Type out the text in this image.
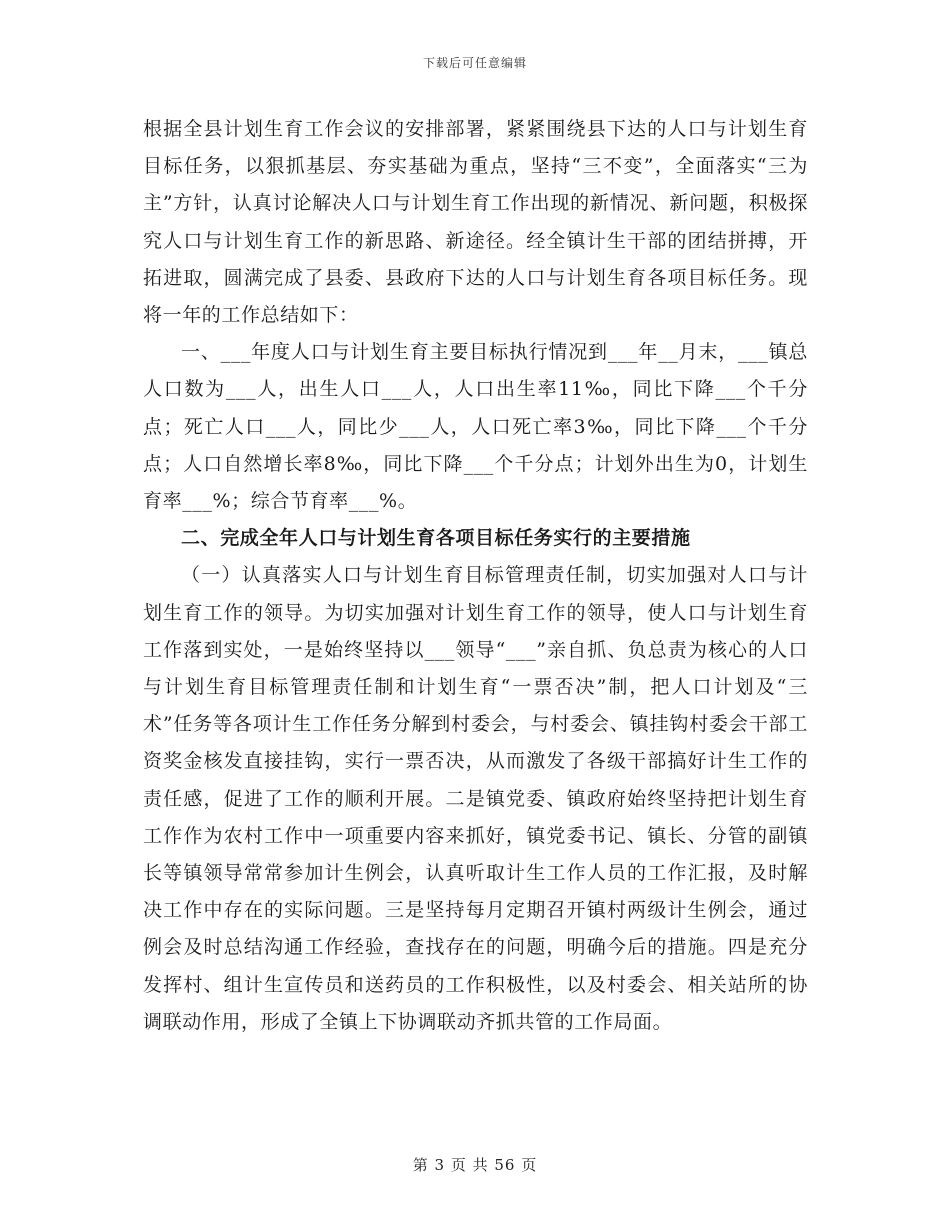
下载后可任意编辑

根据全县计划生育工作会议的安排部署，紧紧围绕县下达的人口与计划生育目标任务，以狠抓基层、夯实基础为重点，坚持“三不变”，全面落实“三为主”方针，认真讨论解决人口与计划生育工作出现的新情况、新问题，积极探究人口与计划生育工作的新思路、新途径。经全镇计生干部的团结拼搏，开拓进取，圆满完成了县委、县政府下达的人口与计划生育各项目标任务。现将一年的工作总结如下：

一、___年度人口与计划生育主要目标执行情况到___年__月末，___镇总人口数为___人，出生人口___人，人口出生率11‰，同比下降___个千分点；死亡人口___人，同比少___人，人口死亡率3‰，同比下降___个千分点；人口自然增长率8‰，同比下降___个千分点；计划外出生为0，计划生育率___%；综合节育率___%。

二、完成全年人口与计划生育各项目标任务实行的主要措施

（一）认真落实人口与计划生育目标管理责任制，切实加强对人口与计划生育工作的领导。为切实加强对计划生育工作的领导，使人口与计划生育工作落到实处，一是始终坚持以___领导“___”亲自抓、负总责为核心的人口与计划生育目标管理责任制和计划生育“一票否决”制，把人口计划及“三术”任务等各项计生工作任务分解到村委会，与村委会、镇挂钩村委会干部工资奖金核发直接挂钩，实行一票否决，从而激发了各级干部搞好计生工作的责任感，促进了工作的顺利开展。二是镇党委、镇政府始终坚持把计划生育工作作为农村工作中一项重要内容来抓好，镇党委书记、镇长、分管的副镇长等镇领导常常参加计生例会，认真听取计生工作人员的工作汇报，及时解决工作中存在的实际问题。三是坚持每月定期召开镇村两级计生例会，通过例会及时总结沟通工作经验，查找存在的问题，明确今后的措施。四是充分发挥村、组计生宣传员和送药员的工作积极性，以及村委会、相关站所的协调联动作用，形成了全镇上下协调联动齐抓共管的工作局面。

第 3 页 共 56 页
